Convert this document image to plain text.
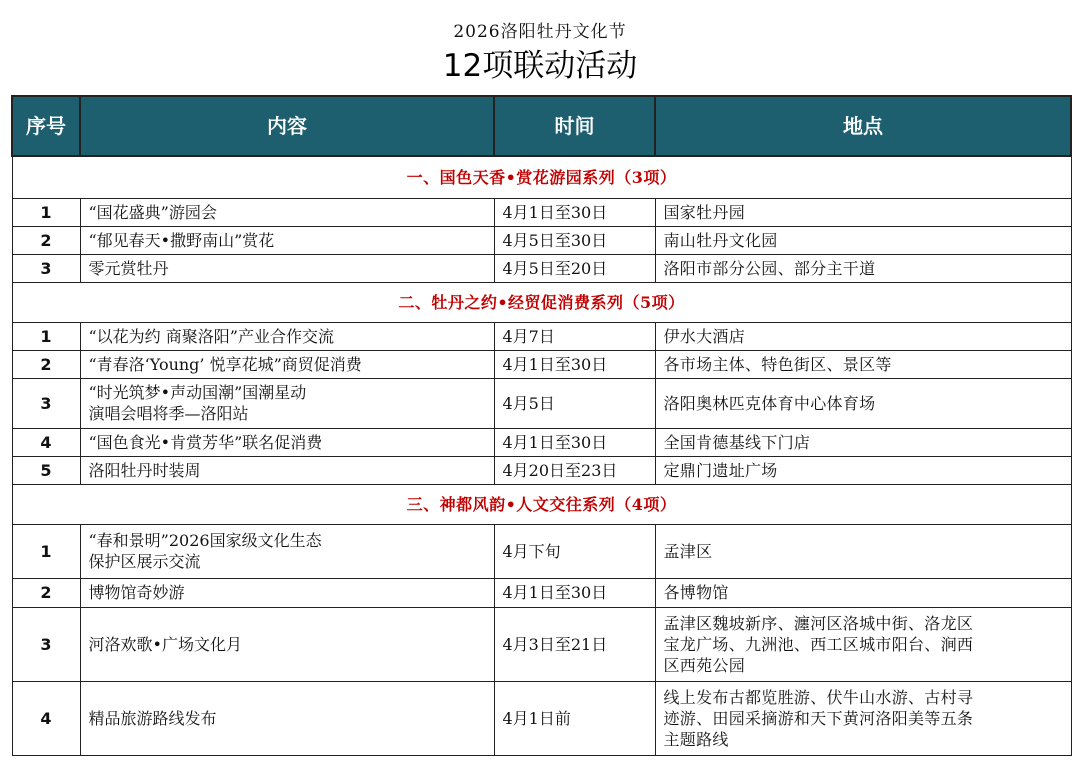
2026洛阳牡丹文化节
12项联动活动
序号	内容	时间	地点
一、国色天香•赏花游园系列（3项）			
1	“国花盛典”游园会	4月1日至30日	国家牡丹园
2	“郁见春天•撒野南山”赏花	4月5日至30日	南山牡丹文化园
3	零元赏牡丹	4月5日至20日	洛阳市部分公园、部分主干道
二、牡丹之约•经贸促消费系列（5项）			
1	“以花为约 商聚洛阳”产业合作交流	4月7日	伊水大酒店
2	“青春洛‘Young’ 悦享花城”商贸促消费	4月1日至30日	各市场主体、特色街区、景区等
3	“时光筑梦•声动国潮”国潮星动
演唱会唱将季—洛阳站	4月5日	洛阳奥林匹克体育中心体育场
4	“国色食光•肯赏芳华”联名促消费	4月1日至30日	全国肯德基线下门店
5	洛阳牡丹时装周	4月20日至23日	定鼎门遗址广场
三、神都风韵•人文交往系列（4项）			
1	“春和景明”2026国家级文化生态
保护区展示交流	4月下旬	孟津区
2	博物馆奇妙游	4月1日至30日	各博物馆
3	河洛欢歌•广场文化月	4月3日至21日	孟津区魏坡新序、瀍河区洛城中街、洛龙区
宝龙广场、九洲池、西工区城市阳台、涧西
区西苑公园
4	精品旅游路线发布	4月1日前	线上发布古都览胜游、伏牛山水游、古村寻
迹游、田园采摘游和天下黄河洛阳美等五条
主题路线
